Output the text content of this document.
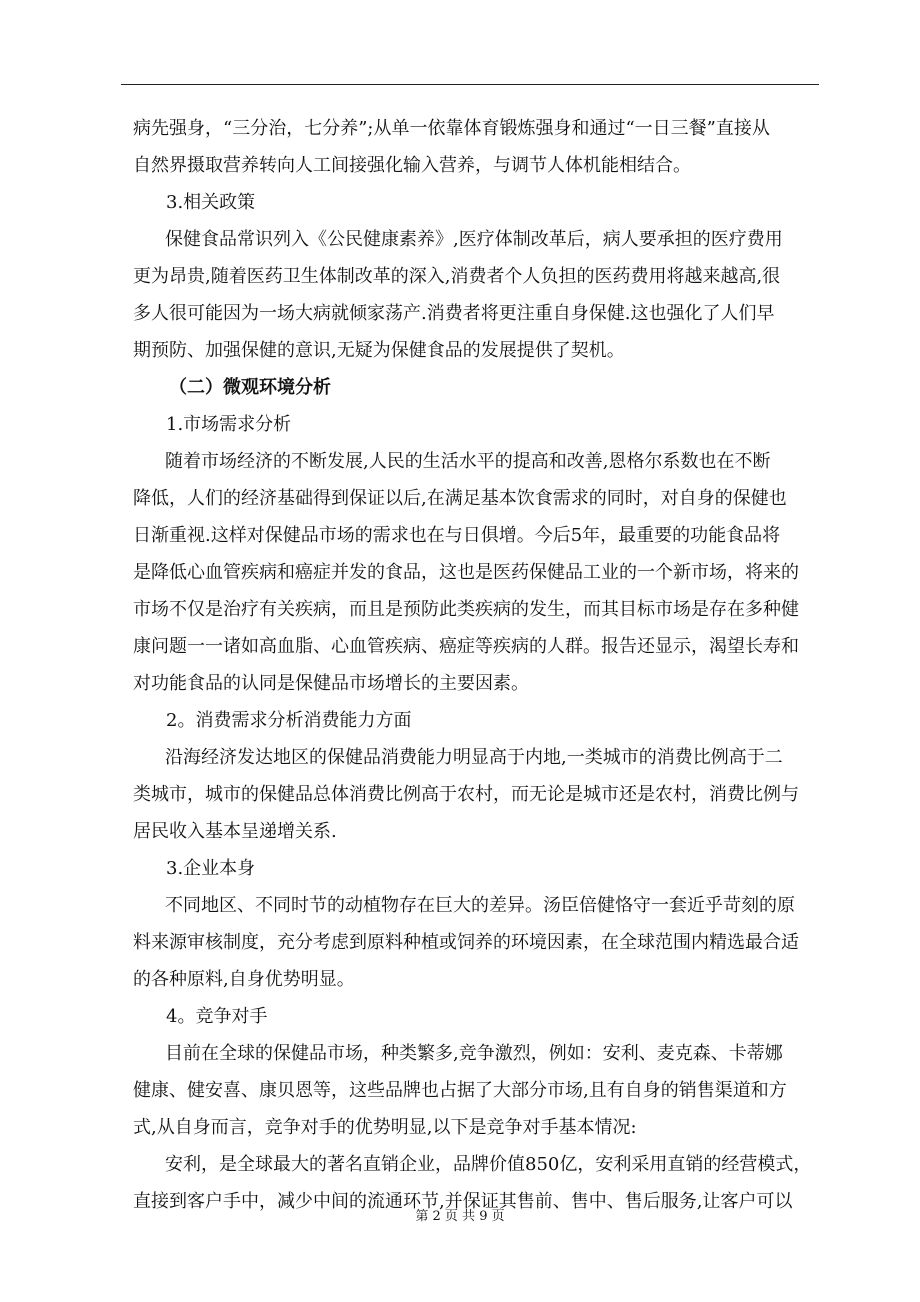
病先强身，“三分治，七分养”;从单一依靠体育锻炼强身和通过“一日三餐”直接从
自然界摄取营养转向人工间接强化输入营养，与调节人体机能相结合。
3.相关政策
保健食品常识列入《公民健康素养》,医疗体制改革后，病人要承担的医疗费用
更为昂贵,随着医药卫生体制改革的深入,消费者个人负担的医药费用将越来越高,很
多人很可能因为一场大病就倾家荡产.消费者将更注重自身保健.这也强化了人们早
期预防、加强保健的意识,无疑为保健食品的发展提供了契机。
（二）微观环境分析
1.市场需求分析
随着市场经济的不断发展,人民的生活水平的提高和改善,恩格尔系数也在不断
降低，人们的经济基础得到保证以后,在满足基本饮食需求的同时，对自身的保健也
日渐重视.这样对保健品市场的需求也在与日俱增。今后5年，最重要的功能食品将
是降低心血管疾病和癌症并发的食品，这也是医药保健品工业的一个新市场，将来的
市场不仅是治疗有关疾病，而且是预防此类疾病的发生，而其目标市场是存在多种健
康问题一一诸如高血脂、心血管疾病、癌症等疾病的人群。报告还显示，渴望长寿和
对功能食品的认同是保健品市场增长的主要因素。
2。消费需求分析消费能力方面
沿海经济发达地区的保健品消费能力明显高于内地,一类城市的消费比例高于二
类城市，城市的保健品总体消费比例高于农村，而无论是城市还是农村，消费比例与
居民收入基本呈递增关系.
3.企业本身
不同地区、不同时节的动植物存在巨大的差异。汤臣倍健恪守一套近乎苛刻的原
料来源审核制度，充分考虑到原料种植或饲养的环境因素，在全球范围内精选最合适
的各种原料,自身优势明显。
4。竞争对手
目前在全球的保健品市场，种类繁多,竞争激烈，例如：安利、麦克森、卡蒂娜
健康、健安喜、康贝恩等，这些品牌也占据了大部分市场,且有自身的销售渠道和方
式,从自身而言，竞争对手的优势明显,以下是竞争对手基本情况:
安利，是全球最大的著名直销企业，品牌价值850亿，安利采用直销的经营模式，
直接到客户手中，减少中间的流通环节,并保证其售前、售中、售后服务,让客户可以
第 2 页 共 9 页
